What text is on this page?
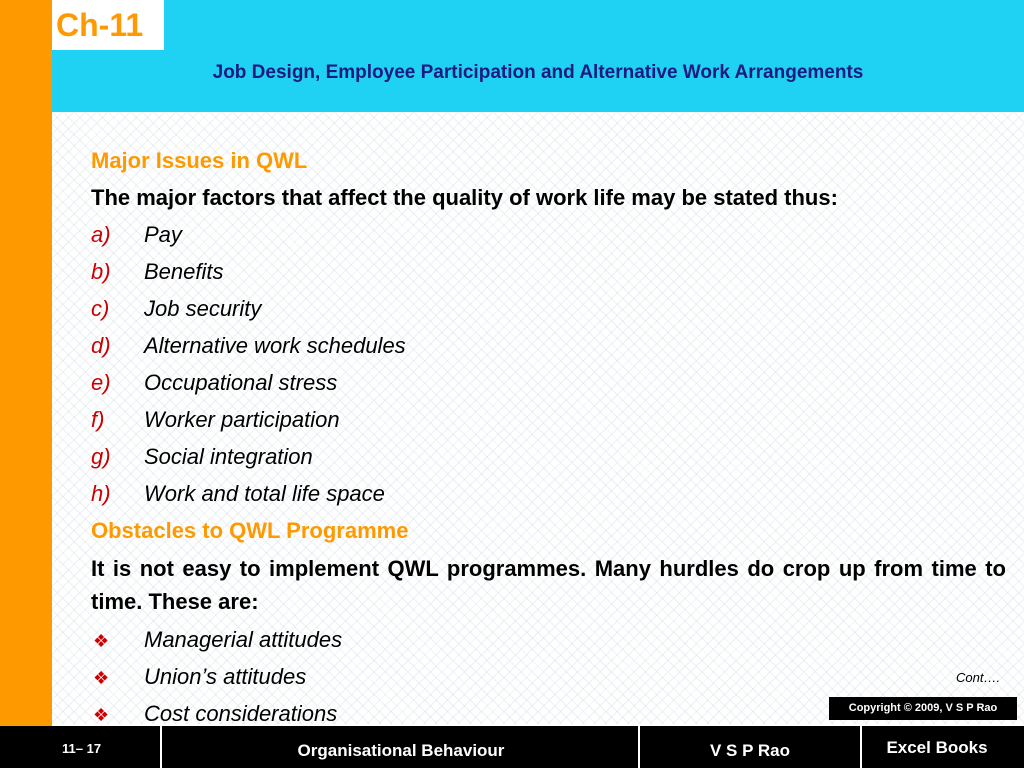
Ch-11
Job Design, Employee Participation and Alternative Work Arrangements
Major Issues in QWL
The major factors that affect the quality of work life may be stated thus:
a) Pay
b) Benefits
c) Job security
d) Alternative work schedules
e) Occupational stress
f) Worker participation
g) Social integration
h) Work and total life space
Obstacles to QWL Programme
It is not easy to implement QWL programmes. Many hurdles do crop up from time to time. These are:
❖ Managerial attitudes
❖ Union’s attitudes
❖ Cost considerations
Cont….
Copyright © 2009, V S P Rao
11– 17	Organisational Behaviour	V S P Rao	Excel Books
